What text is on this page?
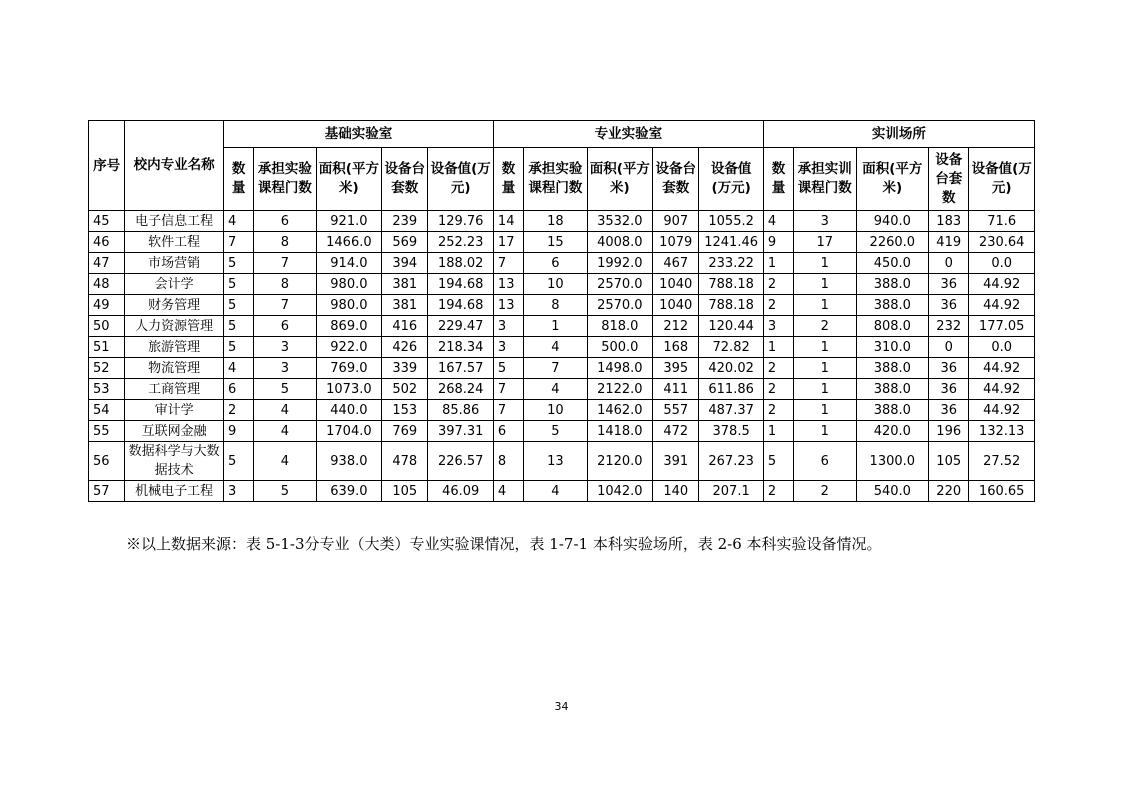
序号	校内专业名称	基础实验室					专业实验室					实训场所				
		数量	承担实验课程门数	面积(平方米)	设备台套数	设备值(万元)	数量	承担实验课程门数	面积(平方米)	设备台套数	设备值(万元)	数量	承担实训课程门数	面积(平方米)	设备台套数	设备值(万元)
45	电子信息工程	4	6	921.0	239	129.76	14	18	3532.0	907	1055.2	4	3	940.0	183	71.6
46	软件工程	7	8	1466.0	569	252.23	17	15	4008.0	1079	1241.46	9	17	2260.0	419	230.64
47	市场营销	5	7	914.0	394	188.02	7	6	1992.0	467	233.22	1	1	450.0	0	0.0
48	会计学	5	8	980.0	381	194.68	13	10	2570.0	1040	788.18	2	1	388.0	36	44.92
49	财务管理	5	7	980.0	381	194.68	13	8	2570.0	1040	788.18	2	1	388.0	36	44.92
50	人力资源管理	5	6	869.0	416	229.47	3	1	818.0	212	120.44	3	2	808.0	232	177.05
51	旅游管理	5	3	922.0	426	218.34	3	4	500.0	168	72.82	1	1	310.0	0	0.0
52	物流管理	4	3	769.0	339	167.57	5	7	1498.0	395	420.02	2	1	388.0	36	44.92
53	工商管理	6	5	1073.0	502	268.24	7	4	2122.0	411	611.86	2	1	388.0	36	44.92
54	审计学	2	4	440.0	153	85.86	7	10	1462.0	557	487.37	2	1	388.0	36	44.92
55	互联网金融	9	4	1704.0	769	397.31	6	5	1418.0	472	378.5	1	1	420.0	196	132.13
56	数据科学与大数据技术	5	4	938.0	478	226.57	8	13	2120.0	391	267.23	5	6	1300.0	105	27.52
57	机械电子工程	3	5	639.0	105	46.09	4	4	1042.0	140	207.1	2	2	540.0	220	160.65
※以上数据来源：表 5-1-3分专业（大类）专业实验课情况，表 1-7-1 本科实验场所，表 2-6 本科实验设备情况。
34
